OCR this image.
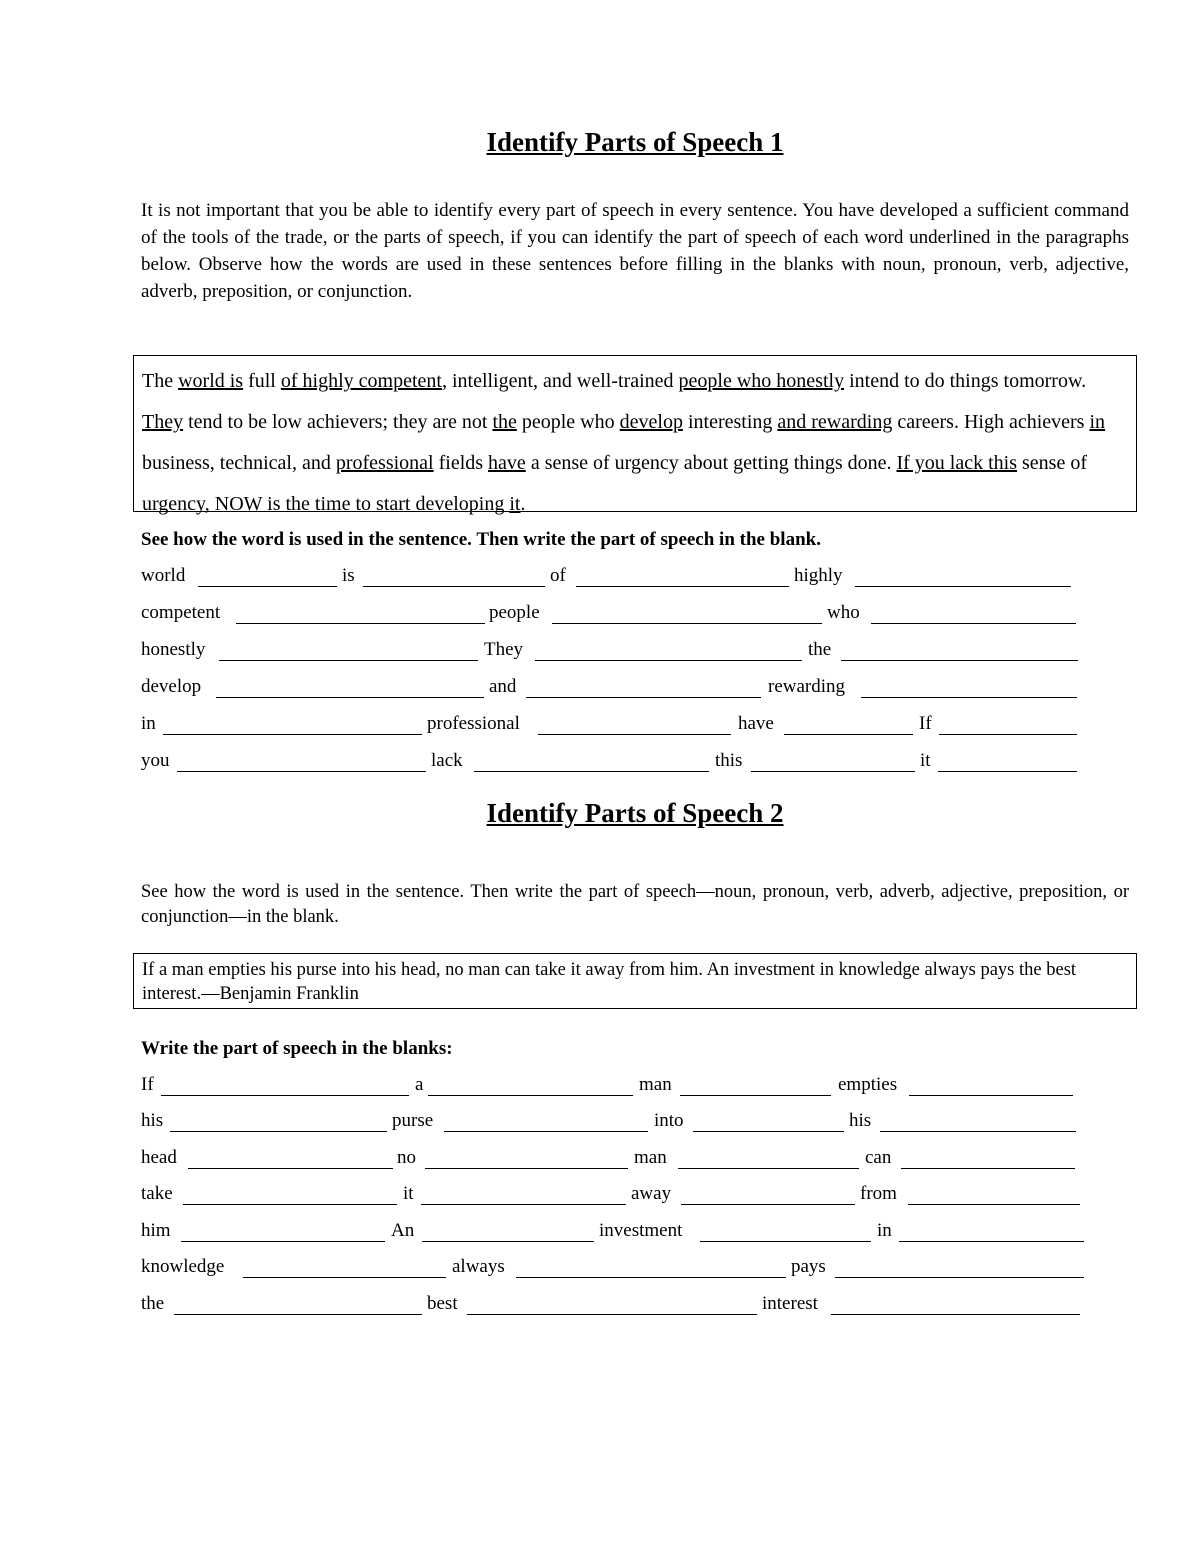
Identify Parts of Speech 1
It is not important that you be able to identify every part of speech in every sentence. You have developed a sufficient command of the tools of the trade, or the parts of speech, if you can identify the part of speech of each word underlined in the paragraphs below. Observe how the words are used in these sentences before filling in the blanks with noun, pronoun, verb, adjective, adverb, preposition, or conjunction.
The world is full of highly competent, intelligent, and well-trained people who honestly intend to do things tomorrow. They tend to be low achievers; they are not the people who develop interesting and rewarding careers. High achievers in business, technical, and professional fields have a sense of urgency about getting things done. If you lack this sense of urgency, NOW is the time to start developing it.
See how the word is used in the sentence. Then write the part of speech in the blank.
world	is	of	highly
competent	people	who
honestly	They	the
develop	and	rewarding
in	professional	have	If
you	lack	this	it
Identify Parts of Speech 2
See how the word is used in the sentence. Then write the part of speech—noun, pronoun, verb, adverb, adjective, preposition, or conjunction—in the blank.
If a man empties his purse into his head, no man can take it away from him. An investment in knowledge always pays the best interest.—Benjamin Franklin
Write the part of speech in the blanks:
If	a	man	empties
his	purse	into	his
head	no	man	can
take	it	away	from
him	An	investment	in
knowledge	always	pays
the	best	interest
